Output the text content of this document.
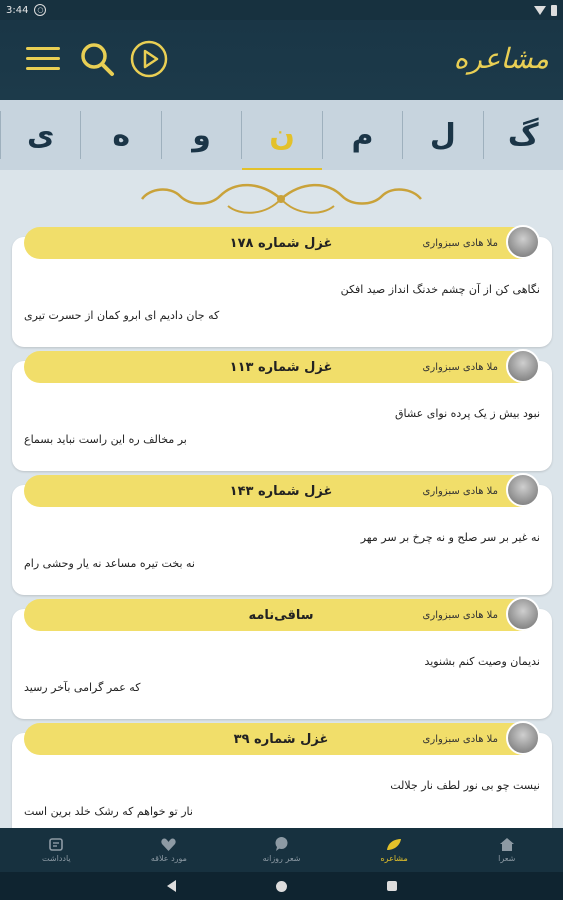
3:44	○
مشاعره
گ
ل
م
ن
و
ه
ی
ملا هادی سبزواری
غزل شماره ۱۷۸
نگاهی کن از آن چشم خدنگ انداز صید افکن
که جان دادیم ای ابرو کمان از حسرت تیری
ملا هادی سبزواری
غزل شماره ۱۱۳
نبود بیش ز یک پرده نوای عشاق
بر مخالف ره این راست نباید بسماع
ملا هادی سبزواری
غزل شماره ۱۴۳
نه غیر بر سر صلح و نه چرخ بر سر مهر
نه بخت تیره مساعد نه یار وحشی رام
ملا هادی سبزواری
ساقی‌نامه
ندیمان وصیت کنم بشنوید
که عمر گرامی بآخر رسید
ملا هادی سبزواری
غزل شماره ۳۹
نیست چو بی نور لطف نار جلالت
نار تو خواهم که رشک خلد برین است
شعرا
مشاعره
شعر روزانه
مورد علاقه
یادداشت
